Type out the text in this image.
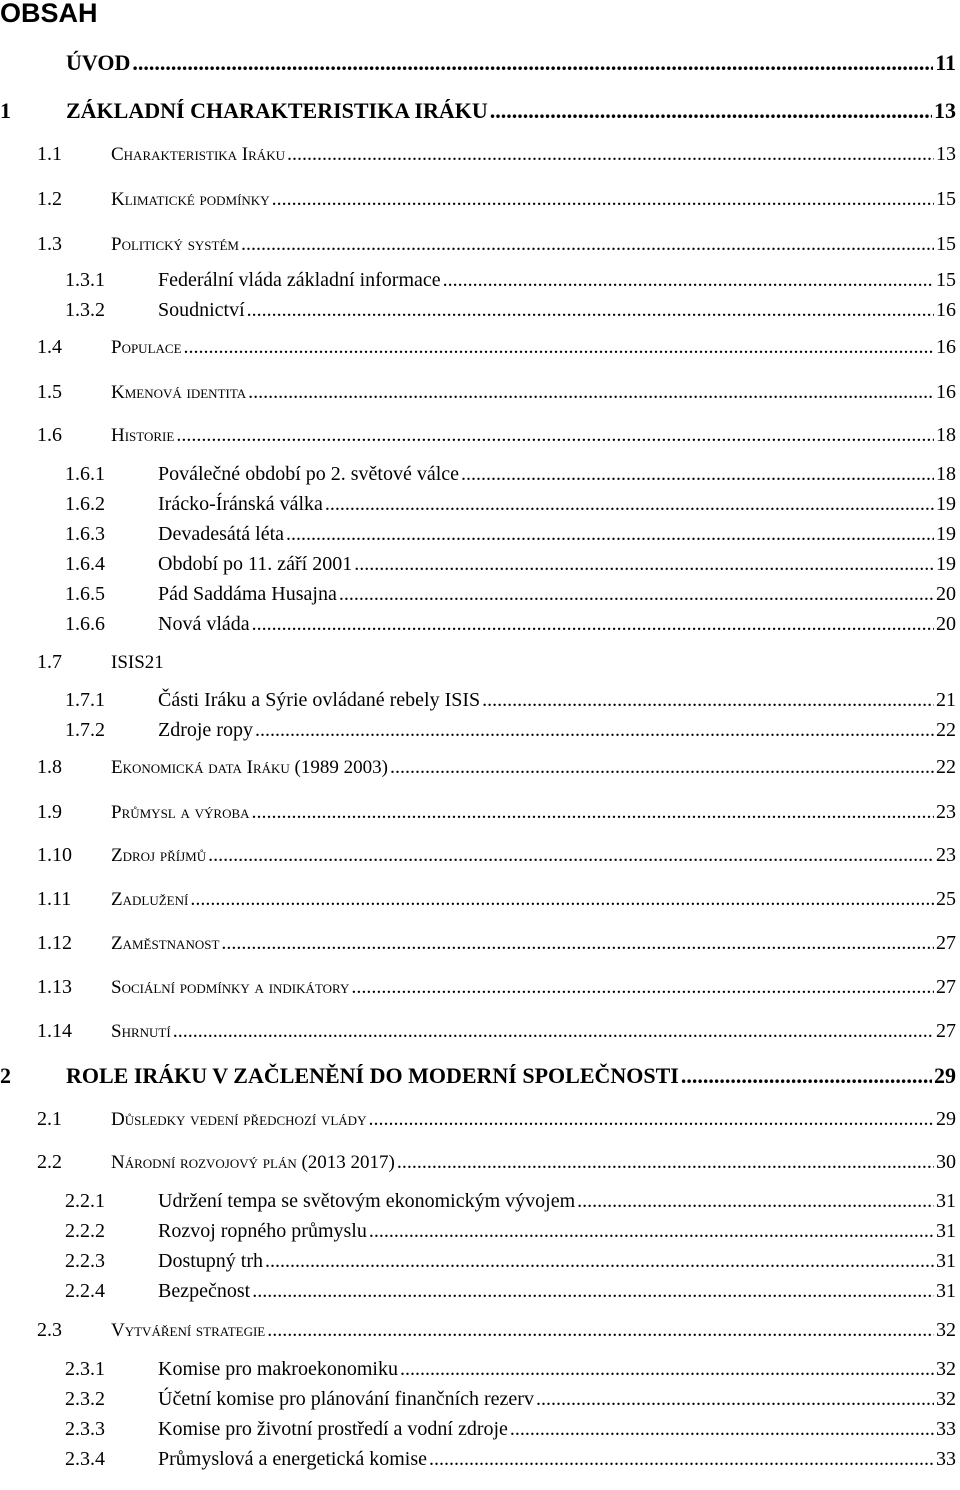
OBSAH
ÚVOD .....	11
1	ZÁKLADNÍ CHARAKTERISTIKA IRÁKU .....	13
1.1	Charakteristika Iráku .....	13
1.2	Klimatické podmínky .....	15
1.3	Politický systém .....	15
1.3.1	Federální vláda základní informace .....	15
1.3.2	Soudnictví .....	16
1.4	Populace .....	16
1.5	Kmenová identita .....	16
1.6	Historie .....	18
1.6.1	Poválečné období po 2. světové válce .....	18
1.6.2	Irácko-Íránská válka .....	19
1.6.3	Devadesátá léta .....	19
1.6.4	Období po 11. září 2001 .....	19
1.6.5	Pád Saddáma Husajna .....	20
1.6.6	Nová vláda .....	20
1.7	ISIS21
1.7.1	Části Iráku a Sýrie ovládané rebely ISIS .....	21
1.7.2	Zdroje ropy .....	22
1.8	Ekonomická data Iráku (1989 2003) .....	22
1.9	Průmysl a výroba .....	23
1.10	Zdroj příjmů .....	23
1.11	Zadlužení .....	25
1.12	Zaměstnanost .....	27
1.13	Sociální podmínky a indikátory .....	27
1.14	Shrnutí .....	27
2	ROLE IRÁKU V ZAČLENĚNÍ DO MODERNÍ SPOLEČNOSTI .....	29
2.1	Důsledky vedení předchozí vlády .....	29
2.2	Národní rozvojový plán (2013 2017) .....	30
2.2.1	Udržení tempa se světovým ekonomickým vývojem .....	31
2.2.2	Rozvoj ropného průmyslu .....	31
2.2.3	Dostupný trh .....	31
2.2.4	Bezpečnost .....	31
2.3	Vytváření strategie .....	32
2.3.1	Komise pro makroekonomiku .....	32
2.3.2	Účetní komise pro plánování finančních rezerv .....	32
2.3.3	Komise pro životní prostředí a vodní zdroje .....	33
2.3.4	Průmyslová a energetická komise .....	33
